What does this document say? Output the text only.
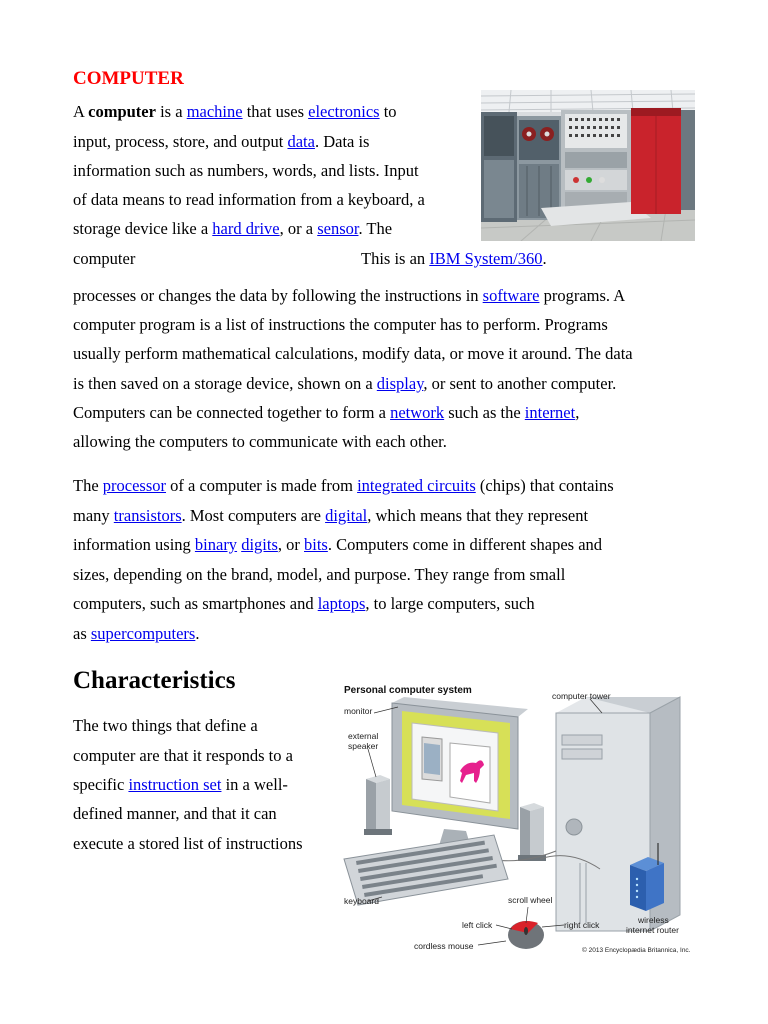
COMPUTER
A computer is a machine that uses electronics to
input, process, store, and output data. Data is
information such as numbers, words, and lists. Input
of data means to read information from a keyboard, a
storage device like a hard drive, or a sensor. The
computer	This is an IBM System/360.
processes or changes the data by following the instructions in software programs. A
computer program is a list of instructions the computer has to perform. Programs
usually perform mathematical calculations, modify data, or move it around. The data
is then saved on a storage device, shown on a display, or sent to another computer.
Computers can be connected together to form a network such as the internet,
allowing the computers to communicate with each other.
The processor of a computer is made from integrated circuits (chips) that contains
many transistors. Most computers are digital, which means that they represent
information using binary digits, or bits. Computers come in different shapes and
sizes, depending on the brand, model, and purpose. They range from small
computers, such as smartphones and laptops, to large computers, such
as supercomputers.
Characteristics
The two things that define a
computer are that it responds to a
specific instruction set in a well-
defined manner, and that it can
execute a stored list of instructions
Personal computer system	computer tower
monitor
external
speaker
keyboard
wireless
internet router
scroll wheel
left click	right click
cordless mouse	© 2013 Encyclopædia Britannica, Inc.
